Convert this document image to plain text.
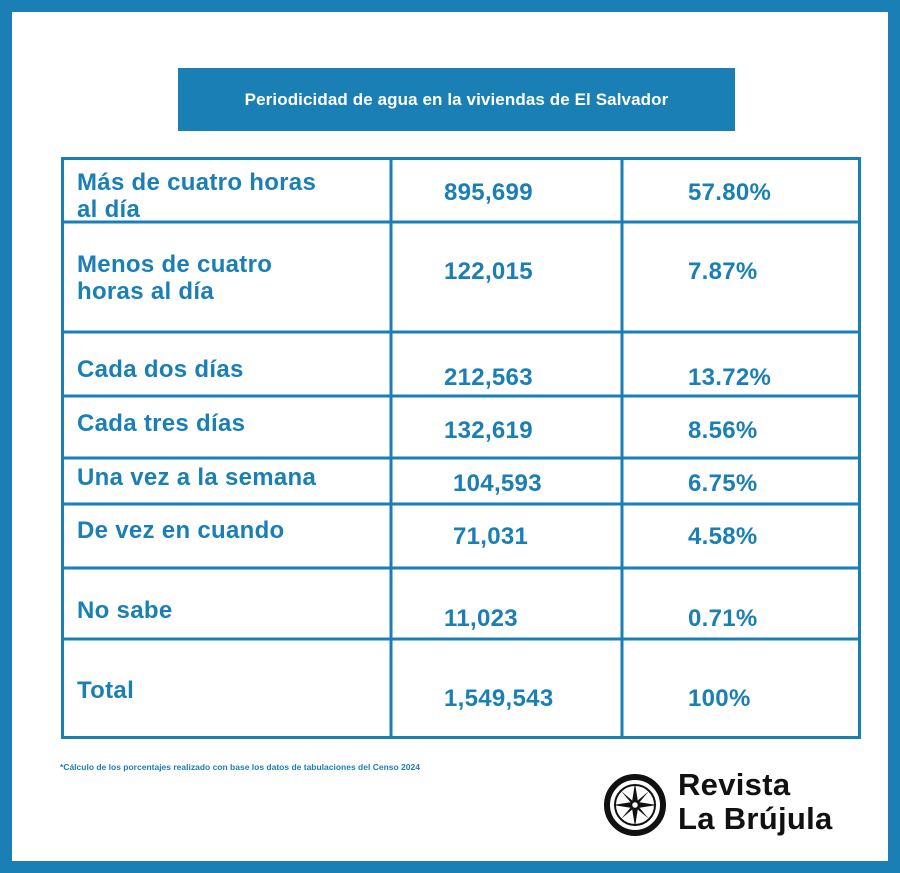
Periodicidad de agua en la viviendas de El Salvador
Más de cuatro horas
al día
895,699	57.80%
Menos de cuatro
horas al día
122,015	7.87%
Cada dos días	212,563	13.72%
Cada tres días	132,619	8.56%
Una vez a la semana	104,593	6.75%
De vez en cuando	71,031	4.58%
No sabe	11,023	0.71%
Total	1,549,543	100%
*Cálculo de los porcentajes realizado con base los datos de tabulaciones del Censo 2024	Revista
La Brújula
